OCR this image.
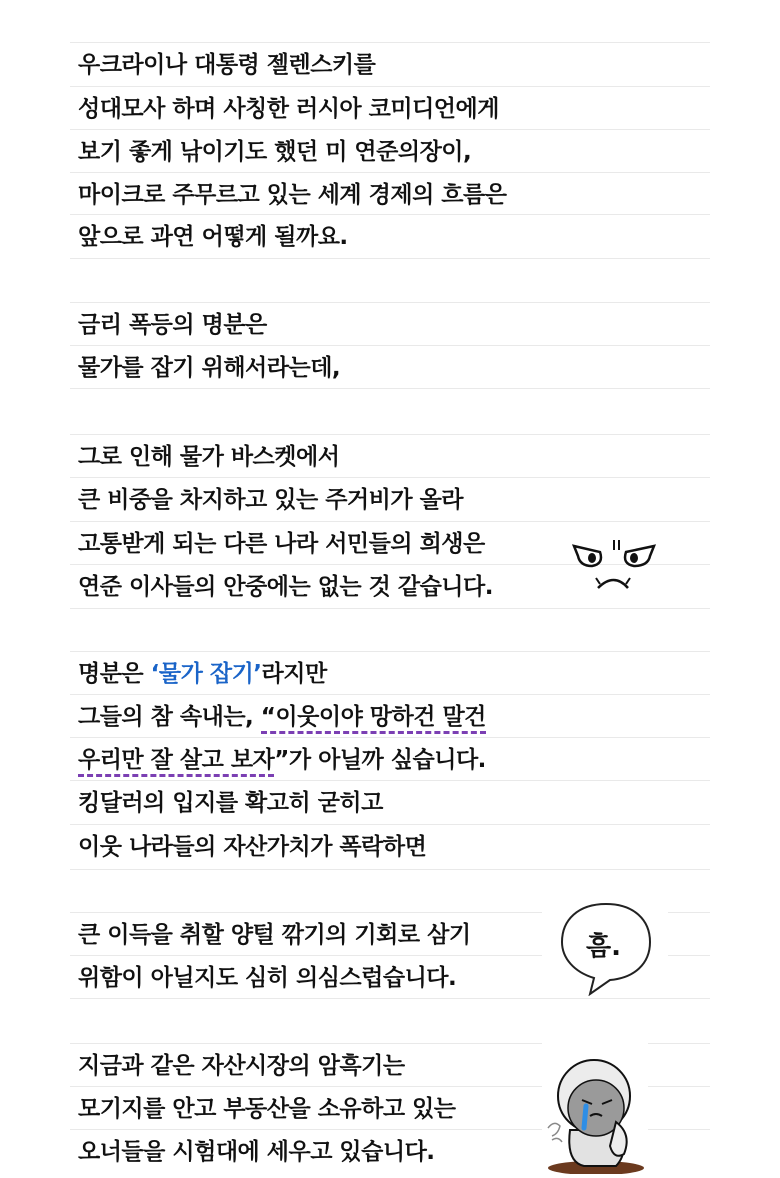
우크라이나 대통령 젤렌스키를
성대모사 하며 사칭한 러시아 코미디언에게
보기 좋게 낚이기도 했던 미 연준의장이,
마이크로 주무르고 있는 세계 경제의 흐름은
앞으로 과연 어떻게 될까요.
금리 폭등의 명분은
물가를 잡기 위해서라는데,
그로 인해 물가 바스켓에서
큰 비중을 차지하고 있는 주거비가 올라
고통받게 되는 다른 나라 서민들의 희생은
연준 이사들의 안중에는 없는 것 같습니다.
명분은 ‘물가 잡기’라지만
그들의 참 속내는, “이웃이야 망하건 말건
우리만 잘 살고 보자”가 아닐까 싶습니다.
킹달러의 입지를 확고히 굳히고
이웃 나라들의 자산가치가 폭락하면
큰 이득을 취할 양털 깎기의 기회로 삼기
위함이 아닐지도 심히 의심스럽습니다.
흠.
지금과 같은 자산시장의 암흑기는
모기지를 안고 부동산을 소유하고 있는
오너들을 시험대에 세우고 있습니다.
